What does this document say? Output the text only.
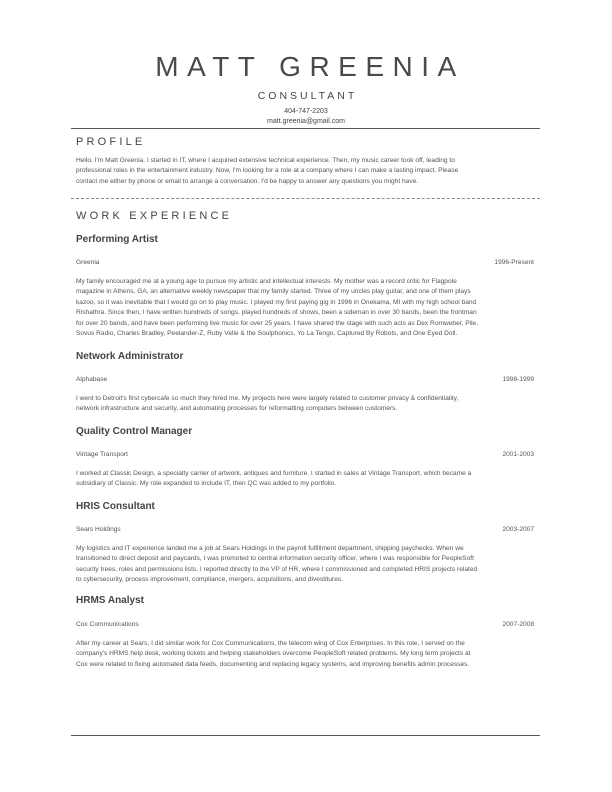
MATT GREENIA
CONSULTANT
404-747-2203
matt.greenia@gmail.com
PROFILE
Hello, I'm Matt Greenia. I started in IT, where I acquired extensive technical experience. Then, my music career took off, leading to
professional roles in the entertainment industry. Now, I'm looking for a role at a company where I can make a lasting impact. Please
contact me either by phone or email to arrange a conversation. I'd be happy to answer any questions you might have.
WORK EXPERIENCE
Performing Artist
Greenia	1996-Present
My family encouraged me at a young age to pursue my artistic and intellectual interests. My mother was a record critic for Flagpole
magazine in Athens, GA, an alternative weekly newspaper that my family started. Three of my uncles play guitar, and one of them plays
kazoo, so it was inevitable that I would go on to play music. I played my first paying gig in 1996 in Onekama, MI with my high school band
Rishathra. Since then, I have written hundreds of songs, played hundreds of shows, been a sideman in over 30 bands, been the frontman
for over 20 bands, and have been performing live music for over 25 years. I have shared the stage with such acts as Dex Romweber, Pile,
Sovus Radio, Charles Bradley, Peelander-Z, Ruby Velle & the Soulphonics, Yo La Tengo, Captured By Robots, and One Eyed Doll.
Network Administrator
Alphabase	1998-1999
I went to Detroit's first cybercafe so much they hired me. My projects here were largely related to customer privacy & confidentiality,
network infrastructure and security, and automating processes for reformatting computers between customers.
Quality Control Manager
Vintage Transport	2001-2003
I worked at Classic Design, a specialty carrier of artwork, antiques and furniture. I started in sales at Vintage Transport, which became a
subsidiary of Classic. My role expanded to include IT, then QC was added to my portfolio.
HRIS Consultant
Sears Holdings	2003-2007
My logistics and IT experience landed me a job at Sears Holdings in the payroll fulfillment department, shipping paychecks. When we
transitioned to direct deposit and paycards, I was promoted to central information security officer, where I was responsible for PeopleSoft
security trees, roles and permissions lists. I reported directly to the VP of HR, where I commissioned and completed HRIS projects related
to cybersecurity, process improvement, compliance, mergers, acquisitions, and divestitures.
HRMS Analyst
Cox Communications	2007-2008
After my career at Sears, I did similar work for Cox Communications, the telecom wing of Cox Enterprises. In this role, I served on the
company's HRMS help desk, working tickets and helping stakeholders overcome PeopleSoft related problems. My long term projects at
Cox were related to fixing automated data feeds, documenting and replacing legacy systems, and improving benefits admin processes.
